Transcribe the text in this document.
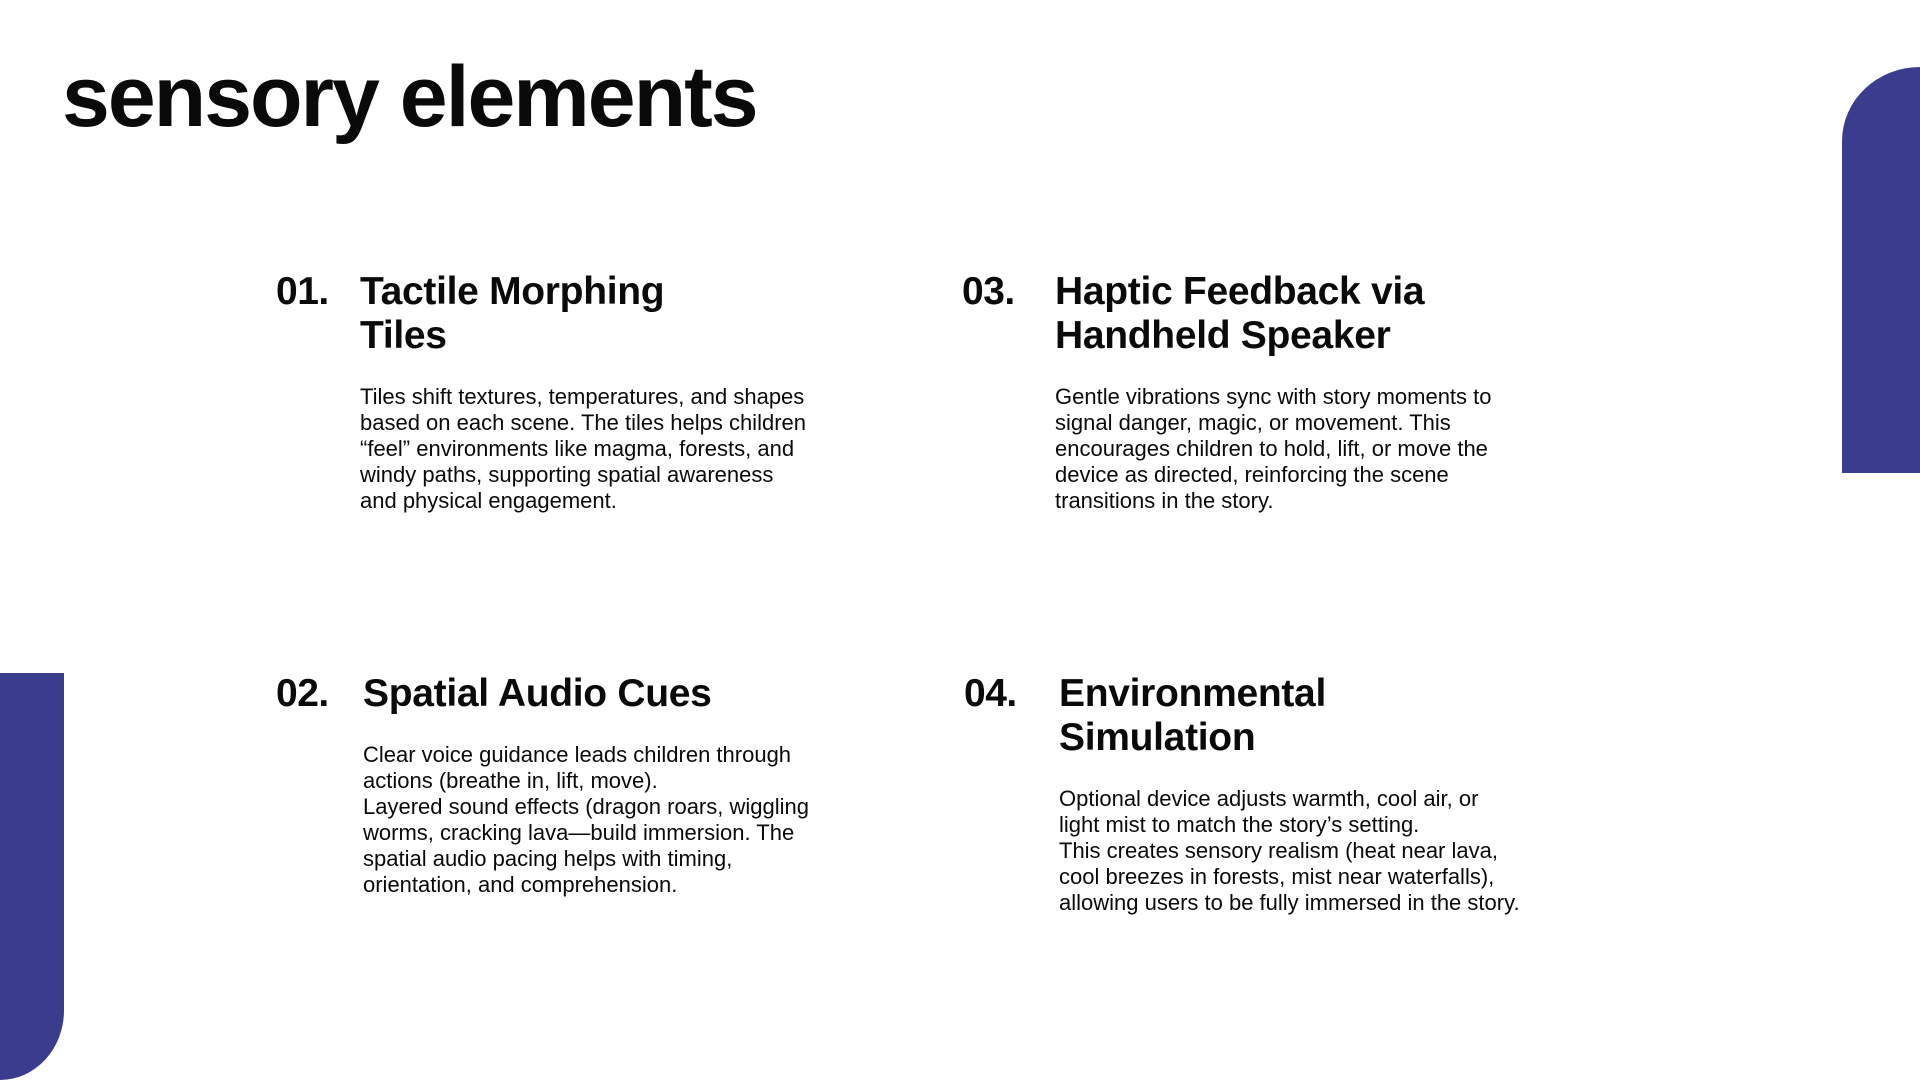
sensory elements
01. Tactile Morphing
Tiles

Tiles shift textures, temperatures, and shapes
based on each scene. The tiles helps children
“feel” environments like magma, forests, and
windy paths, supporting spatial awareness
and physical engagement.

02. Spatial Audio Cues

Clear voice guidance leads children through
actions (breathe in, lift, move).
Layered sound effects (dragon roars, wiggling
worms, cracking lava—build immersion. The
spatial audio pacing helps with timing,
orientation, and comprehension.

03. Haptic Feedback via
Handheld Speaker

Gentle vibrations sync with story moments to
signal danger, magic, or movement. This
encourages children to hold, lift, or move the
device as directed, reinforcing the scene
transitions in the story.

04. Environmental
Simulation

Optional device adjusts warmth, cool air, or
light mist to match the story’s setting.
This creates sensory realism (heat near lava,
cool breezes in forests, mist near waterfalls),
allowing users to be fully immersed in the story.
